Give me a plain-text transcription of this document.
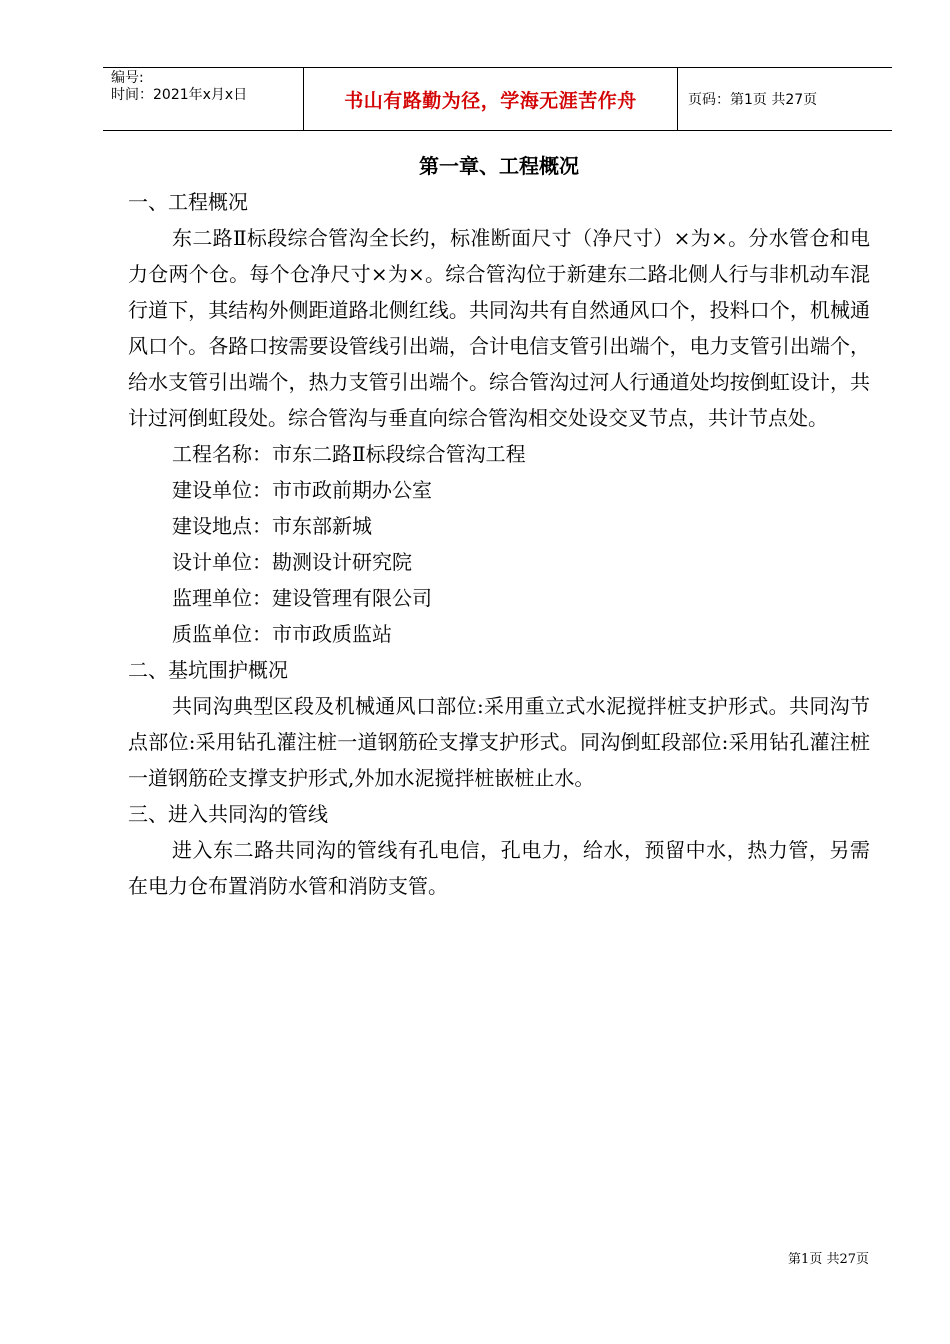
编号:
时间：2021年x月x日	书山有路勤为径，学海无涯苦作舟	页码：第1页 共27页
第一章、工程概况
一、工程概况

东二路Ⅱ标段综合管沟全长约，标准断面尺寸（净尺寸）×为×。分水管仓和电力仓两个仓。每个仓净尺寸×为×。综合管沟位于新建东二路北侧人行与非机动车混行道下，其结构外侧距道路北侧红线。共同沟共有自然通风口个，投料口个，机械通风口个。各路口按需要设管线引出端，合计电信支管引出端个，电力支管引出端个，给水支管引出端个，热力支管引出端个。综合管沟过河人行通道处均按倒虹设计，共计过河倒虹段处。综合管沟与垂直向综合管沟相交处设交叉节点，共计节点处。

工程名称：市东二路Ⅱ标段综合管沟工程
建设单位：市市政前期办公室
建设地点：市东部新城
设计单位：勘测设计研究院
监理单位：建设管理有限公司
质监单位：市市政质监站
二、基坑围护概况

共同沟典型区段及机械通风口部位:采用重立式水泥搅拌桩支护形式。共同沟节点部位:采用钻孔灌注桩一道钢筋砼支撑支护形式。同沟倒虹段部位:采用钻孔灌注桩一道钢筋砼支撑支护形式,外加水泥搅拌桩嵌桩止水。

三、进入共同沟的管线

进入东二路共同沟的管线有孔电信，孔电力，给水，预留中水，热力管，另需在电力仓布置消防水管和消防支管。

第1页 共27页
